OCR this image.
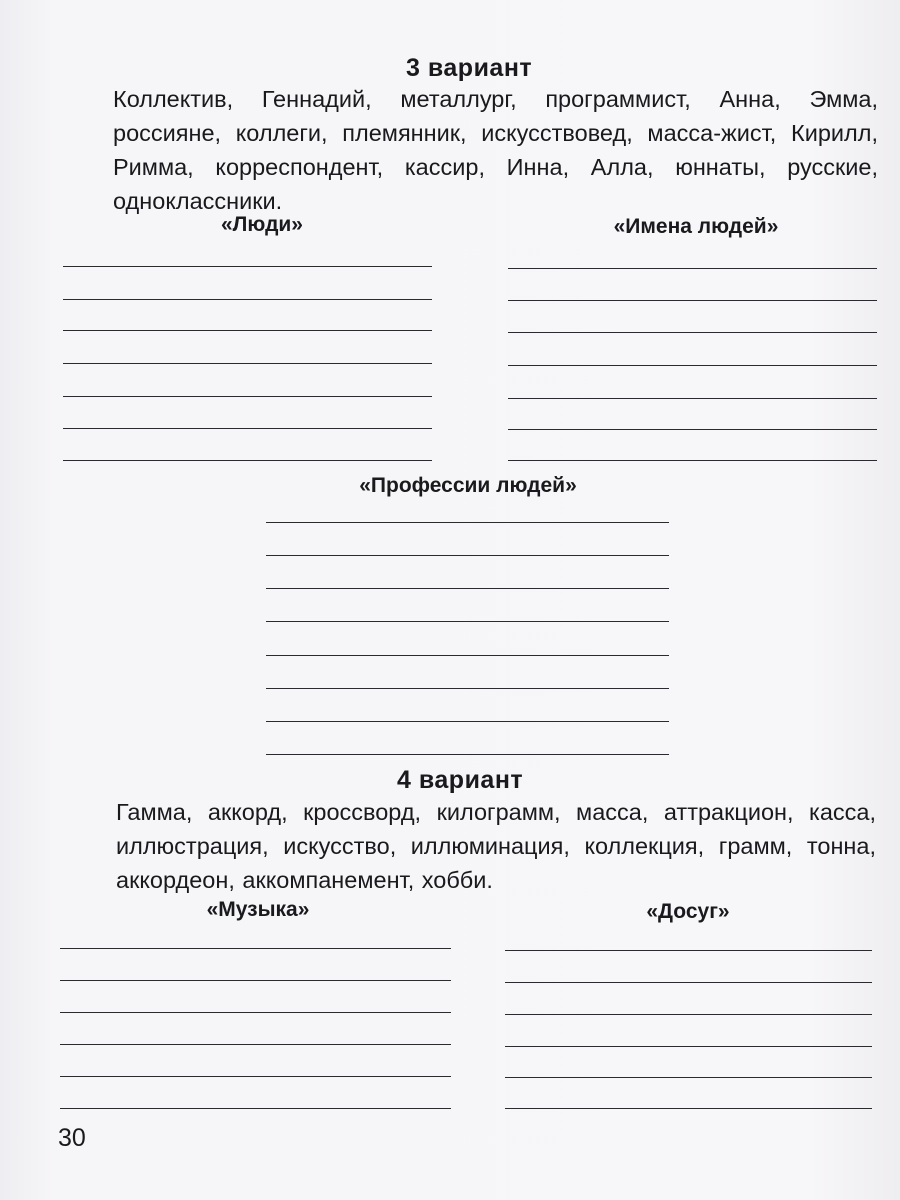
3 вариант
Коллектив, Геннадий, металлург, программист, Анна, Эмма, россияне, коллеги, племянник, искусствовед, масса-жист, Кирилл, Римма, корреспондент, кассир, Инна, Алла, юннаты, русские, одноклассники.
«Люди»	«Имена людей»
«Профессии людей»
4 вариант
Гамма, аккорд, кроссворд, килограмм, масса, аттракцион, касса, иллюстрация, искусство, иллюминация, коллекция, грамм, тонна, аккордеон, аккомпанемент, хобби.
«Музыка»	«Досуг»
30
